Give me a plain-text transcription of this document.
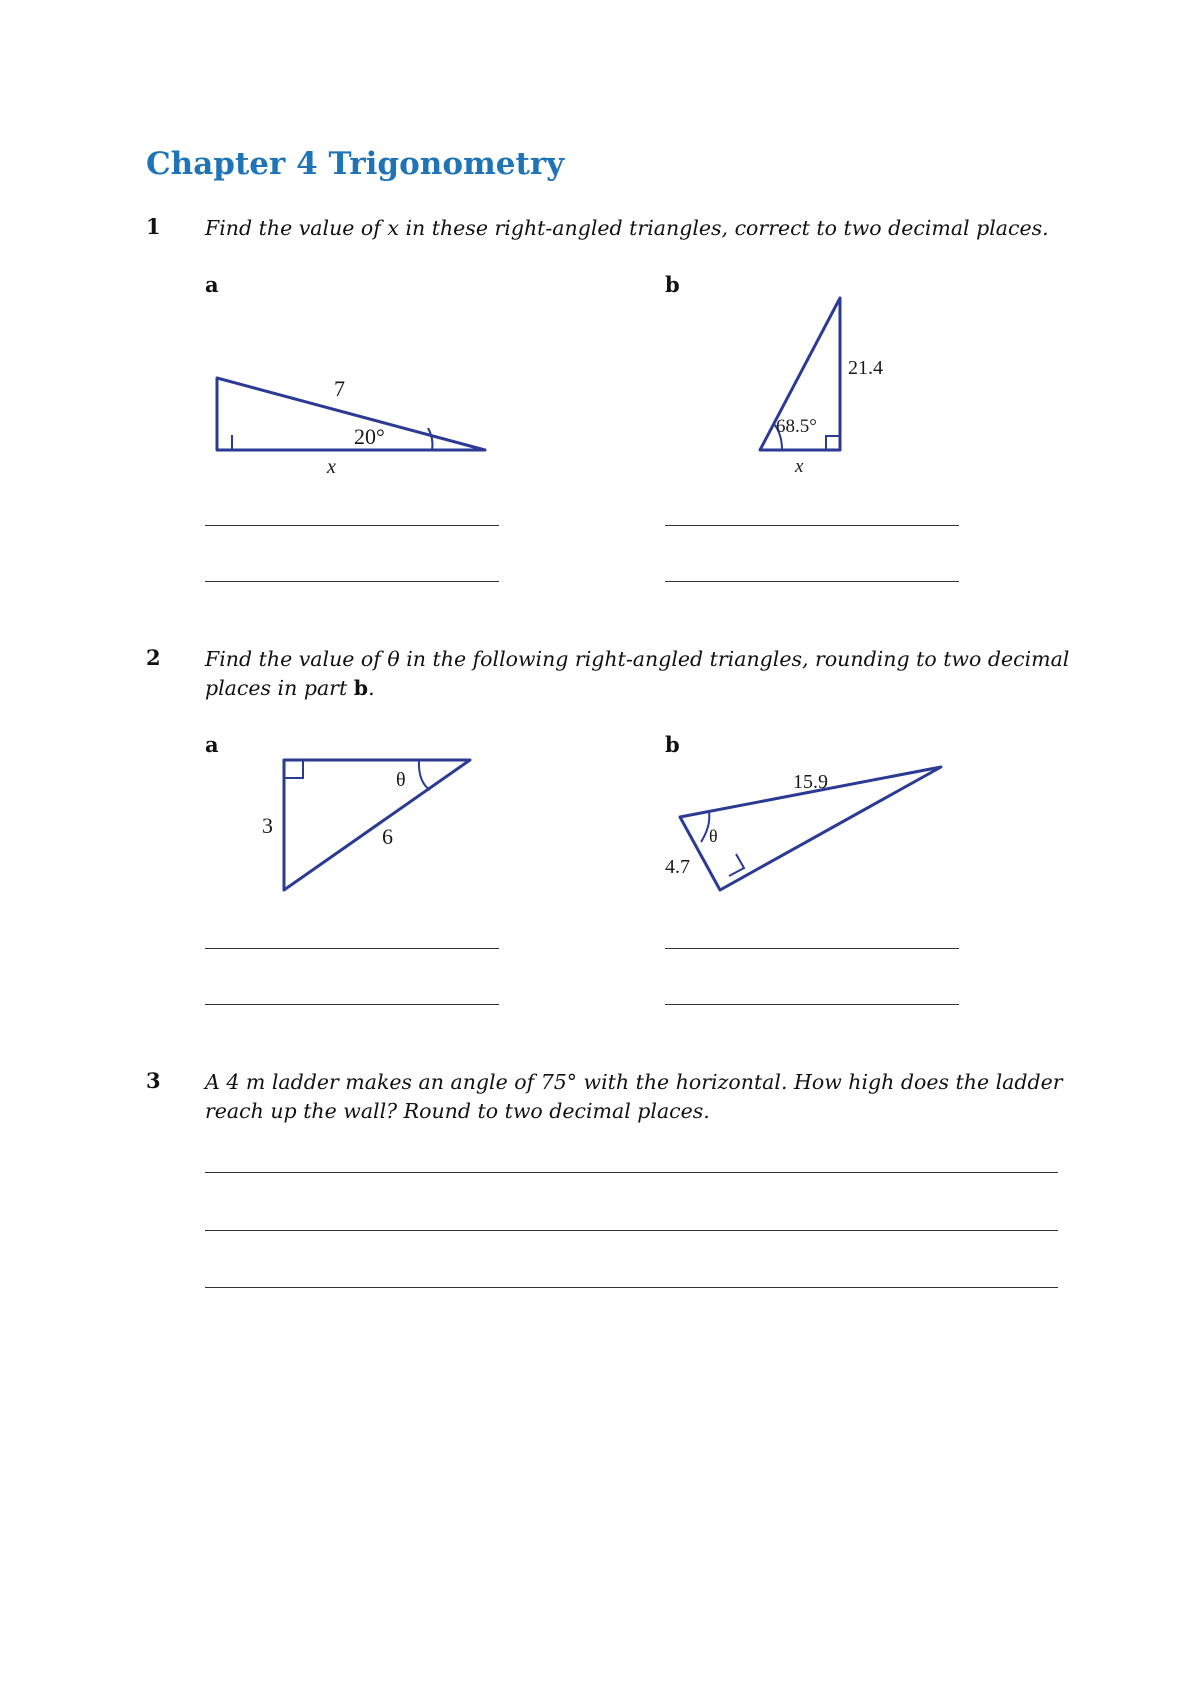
Chapter 4 Trigonometry
1 Find the value of x in these right-angled triangles, correct to two decimal places.
a	b
7
20°
x
21.4
68.5°
x
2 Find the value of θ in the following right-angled triangles, rounding to two decimal
places in part b.
a	b
3	6
θ	15.9
4.7
θ
3 A 4 m ladder makes an angle of 75° with the horizontal. How high does the ladder
reach up the wall? Round to two decimal places.
